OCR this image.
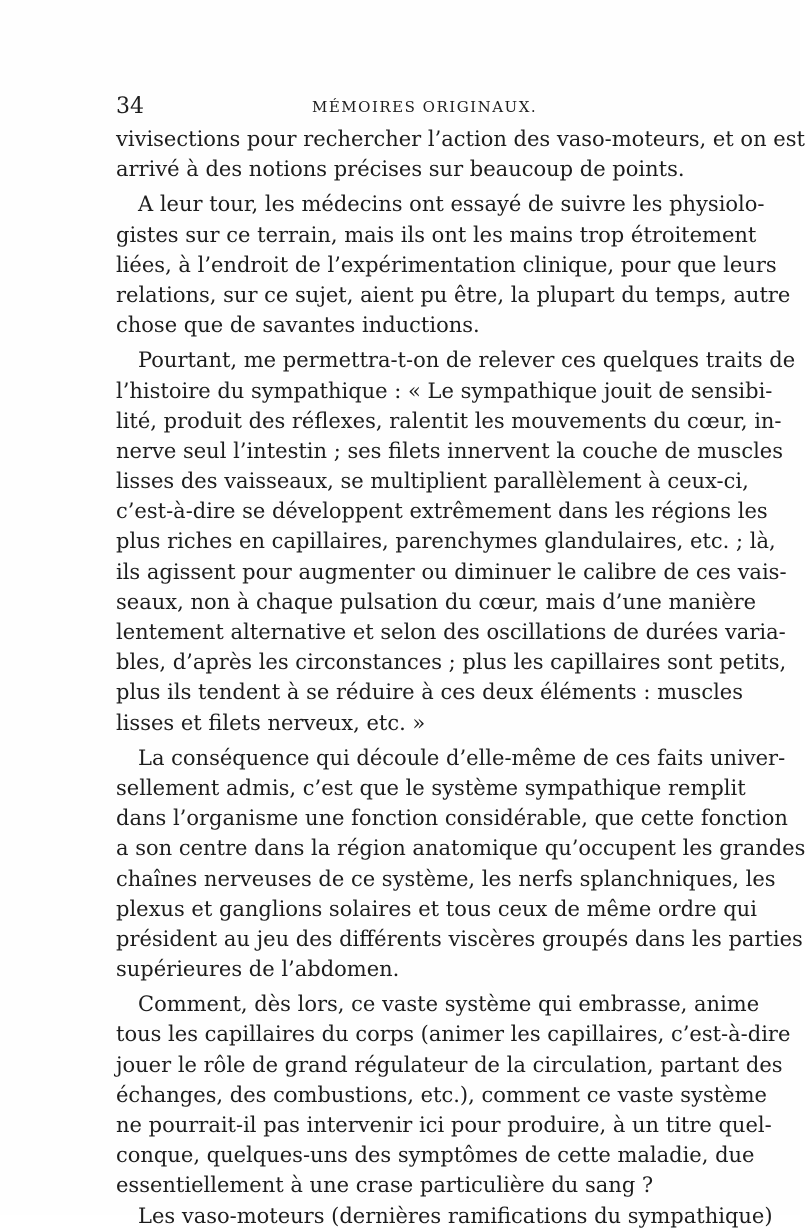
34	MÉMOIRES ORIGINAUX.
vivisections pour rechercher l’action des vaso-moteurs, et on est
arrivé à des notions précises sur beaucoup de points.
A leur tour, les médecins ont essayé de suivre les physiolo-
gistes sur ce terrain, mais ils ont les mains trop étroitement
liées, à l’endroit de l’expérimentation clinique, pour que leurs
relations, sur ce sujet, aient pu être, la plupart du temps, autre
chose que de savantes inductions.
Pourtant, me permettra-t-on de relever ces quelques traits de
l’histoire du sympathique : « Le sympathique jouit de sensibi-
lité, produit des réflexes, ralentit les mouvements du cœur, in-
nerve seul l’intestin ; ses filets innervent la couche de muscles
lisses des vaisseaux, se multiplient parallèlement à ceux-ci,
c’est-à-dire se développent extrêmement dans les régions les
plus riches en capillaires, parenchymes glandulaires, etc. ; là,
ils agissent pour augmenter ou diminuer le calibre de ces vais-
seaux, non à chaque pulsation du cœur, mais d’une manière
lentement alternative et selon des oscillations de durées varia-
bles, d’après les circonstances ; plus les capillaires sont petits,
plus ils tendent à se réduire à ces deux éléments : muscles
lisses et filets nerveux, etc. »
La conséquence qui découle d’elle-même de ces faits univer-
sellement admis, c’est que le système sympathique remplit
dans l’organisme une fonction considérable, que cette fonction
a son centre dans la région anatomique qu’occupent les grandes
chaînes nerveuses de ce système, les nerfs splanchniques, les
plexus et ganglions solaires et tous ceux de même ordre qui
président au jeu des différents viscères groupés dans les parties
supérieures de l’abdomen.
Comment, dès lors, ce vaste système qui embrasse, anime
tous les capillaires du corps (animer les capillaires, c’est-à-dire
jouer le rôle de grand régulateur de la circulation, partant des
échanges, des combustions, etc.), comment ce vaste système
ne pourrait-il pas intervenir ici pour produire, à un titre quel-
conque, quelques-uns des symptômes de cette maladie, due
essentiellement à une crase particulière du sang ?
Les vaso-moteurs (dernières ramifications du sympathique)
